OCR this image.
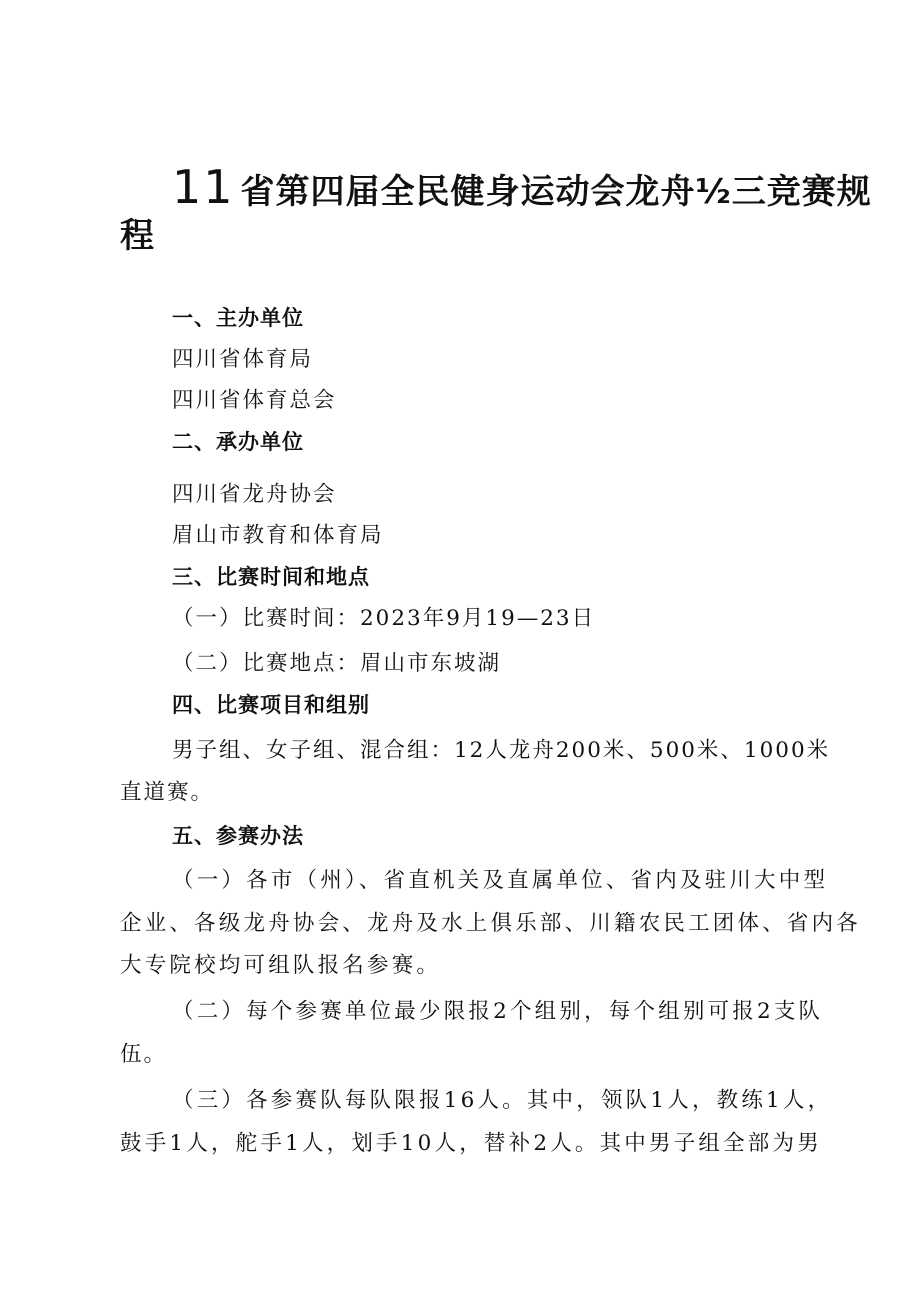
11 省第四届全民健身运动会龙舟½三竞赛规

程

一、主办单位

四川省体育局

四川省体育总会

二、承办单位

四川省龙舟协会

眉山市教育和体育局

三、比赛时间和地点

（一）比赛时间：2023年9月19—23日

（二）比赛地点：眉山市东坡湖

四、比赛项目和组别

男子组、女子组、混合组：12人龙舟200米、500米、1000米

直道赛。

五、参赛办法

（一）各市（州）、省直机关及直属单位、省内及驻川大中型

企业、各级龙舟协会、龙舟及水上俱乐部、川籍农民工团体、省内各

大专院校均可组队报名参赛。

（二）每个参赛单位最少限报2个组别，每个组别可报2支队

伍。

（三）各参赛队每队限报16人。其中，领队1人，教练1人，

鼓手1人，舵手1人，划手10人，替补2人。其中男子组全部为男
